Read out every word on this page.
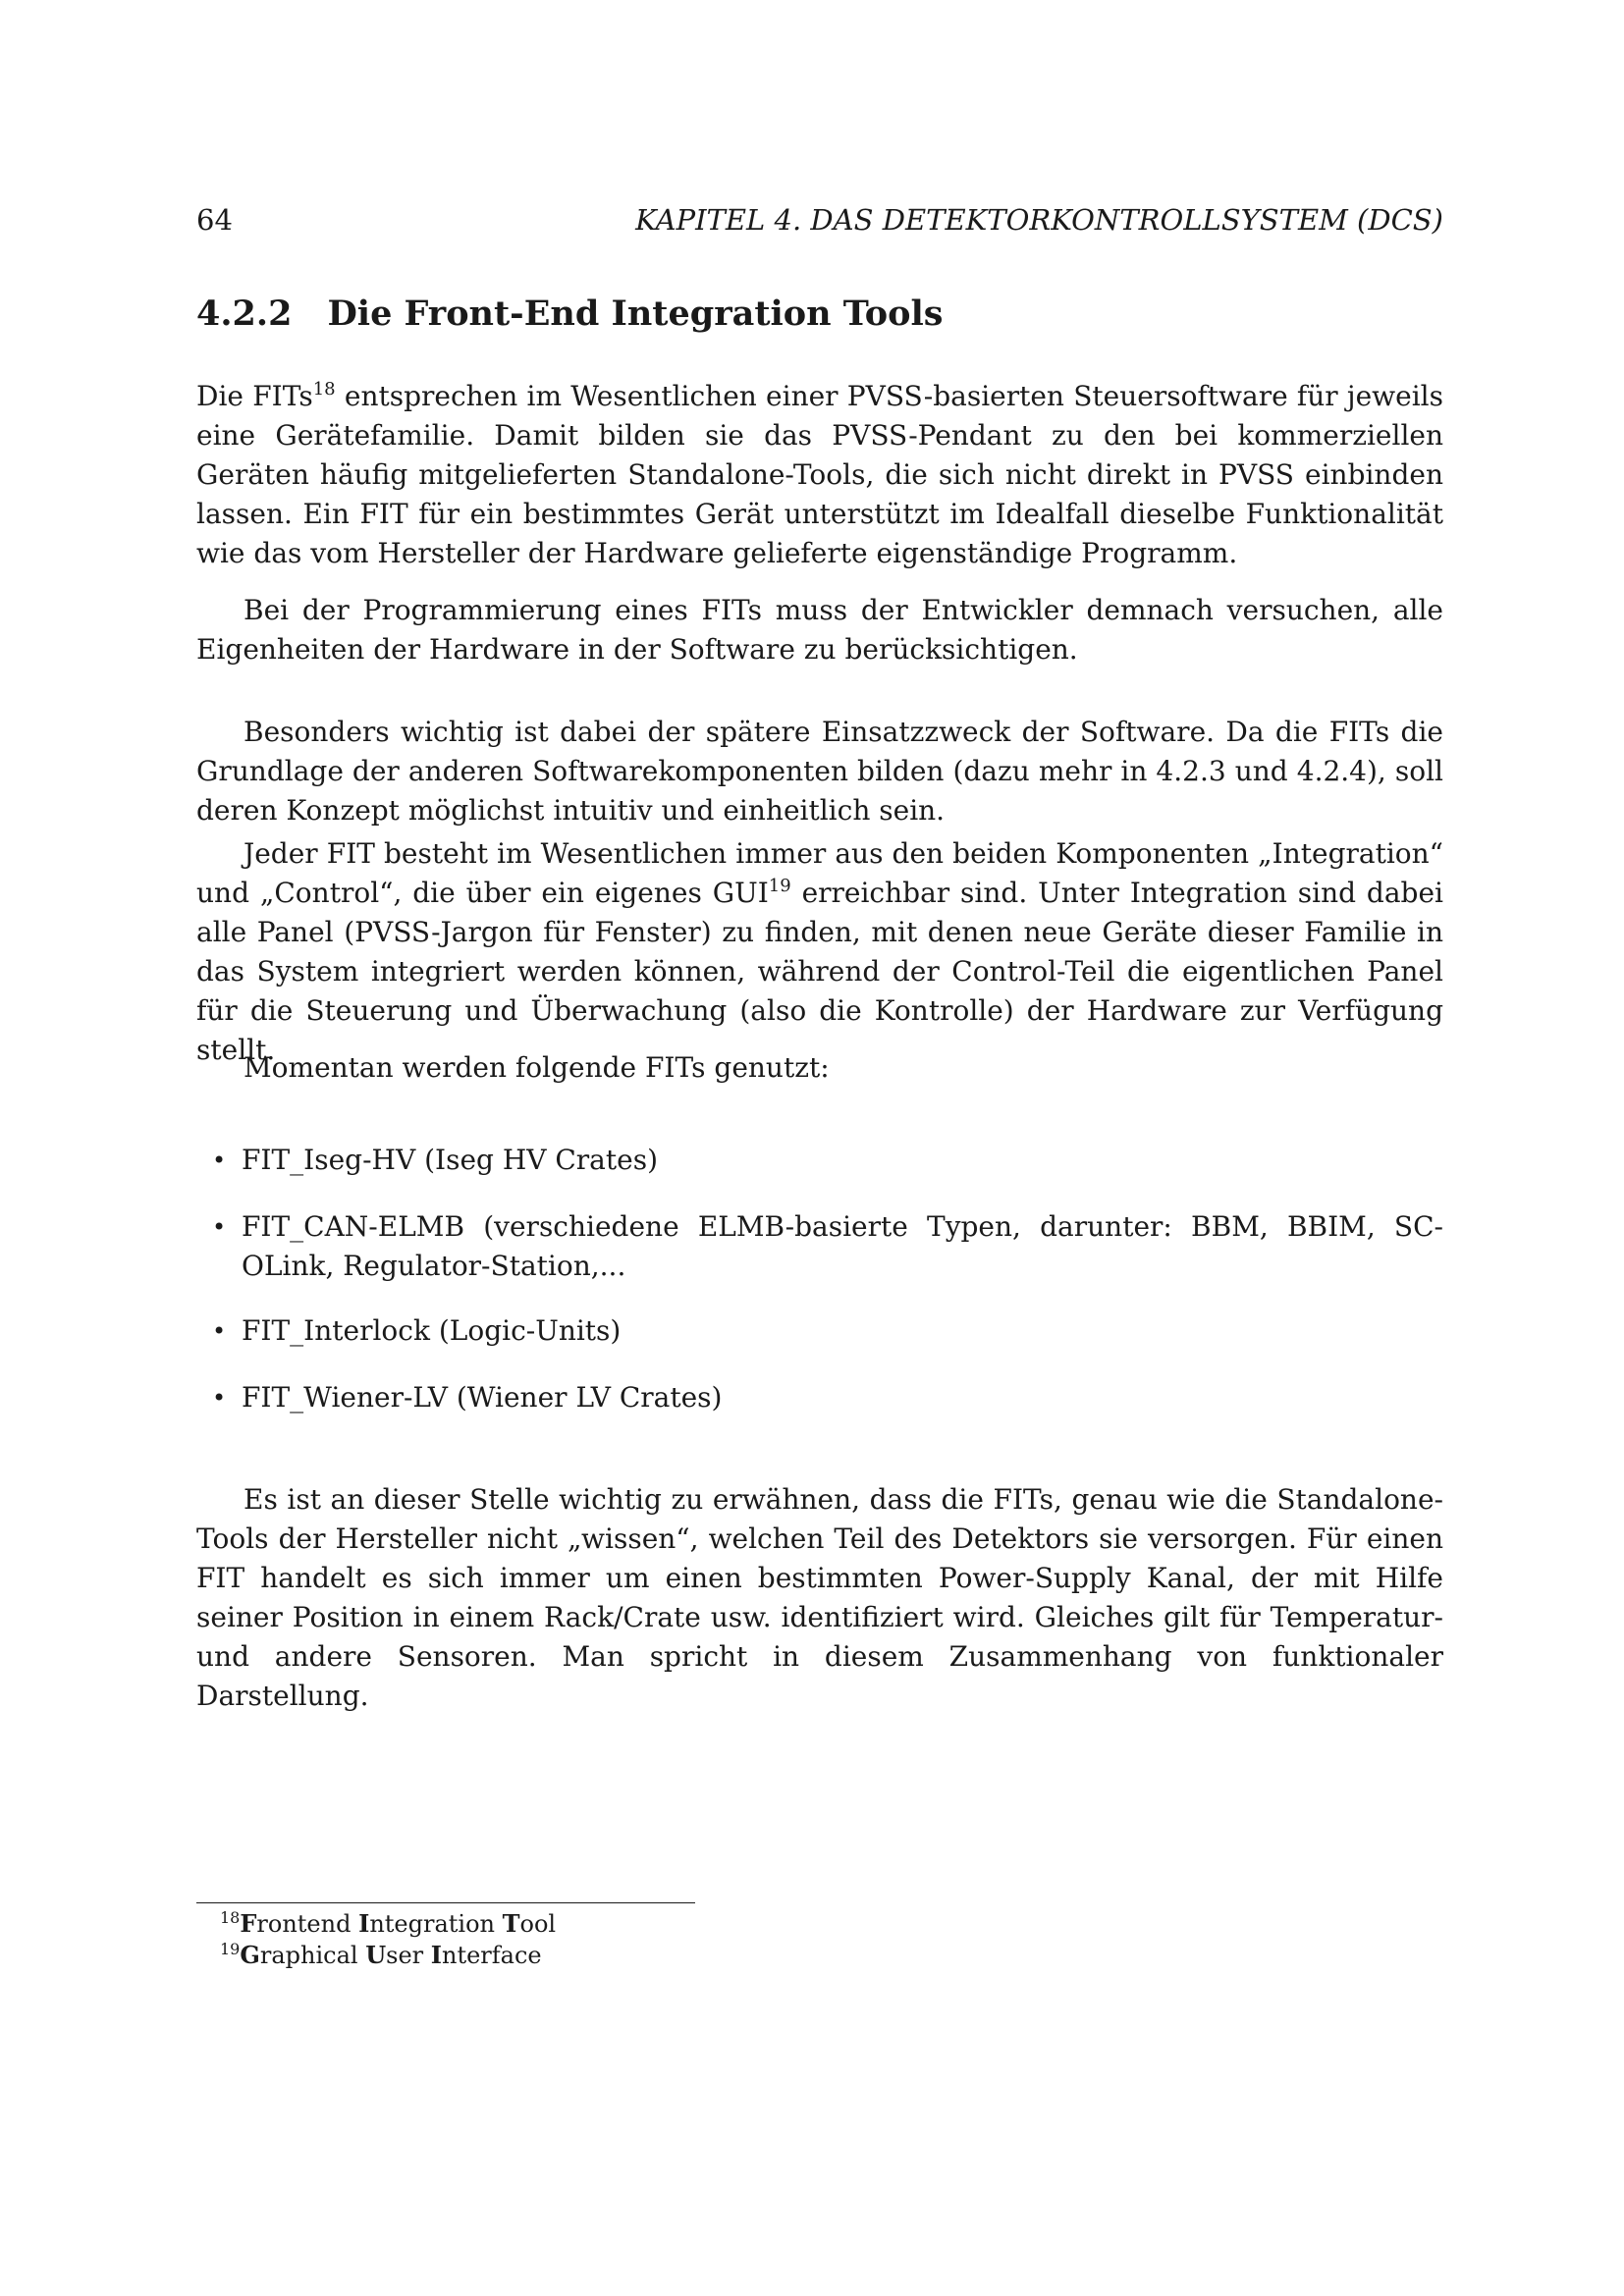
64	KAPITEL 4. DAS DETEKTORKONTROLLSYSTEM (DCS)
4.2.2 Die Front-End Integration Tools

Die FITs$^{18}$ entsprechen im Wesentlichen einer PVSS-basierten Steuersoftware für jeweils eine Gerätefamilie. Damit bilden sie das PVSS-Pendant zu den bei kommerziellen Geräten häufig mitgelieferten Standalone-Tools, die sich nicht direkt in PVSS einbinden lassen. Ein FIT für ein bestimmtes Gerät unterstützt im Idealfall dieselbe Funktionalität wie das vom Hersteller der Hardware gelieferte eigenständige Programm.

Bei der Programmierung eines FITs muss der Entwickler demnach versuchen, alle Eigenheiten der Hardware in der Software zu berücksichtigen.

Besonders wichtig ist dabei der spätere Einsatzzweck der Software. Da die FITs die Grundlage der anderen Softwarekomponenten bilden (dazu mehr in 4.2.3 und 4.2.4), soll deren Konzept möglichst intuitiv und einheitlich sein.

Jeder FIT besteht im Wesentlichen immer aus den beiden Komponenten „Integration“ und „Control“, die über ein eigenes GUI$^{19}$ erreichbar sind. Unter Integration sind dabei alle Panel (PVSS-Jargon für Fenster) zu finden, mit denen neue Geräte dieser Familie in das System integriert werden können, während der Control-Teil die eigentlichen Panel für die Steuerung und Überwachung (also die Kontrolle) der Hardware zur Verfügung stellt.

Momentan werden folgende FITs genutzt:

• FIT_Iseg-HV (Iseg HV Crates)
• FIT_CAN-ELMB (verschiedene ELMB-basierte Typen, darunter: BBM, BBIM, SC-OLink, Regulator-Station,...
• FIT_Interlock (Logic-Units)
• FIT_Wiener-LV (Wiener LV Crates)

Es ist an dieser Stelle wichtig zu erwähnen, dass die FITs, genau wie die Standalone-Tools der Hersteller nicht „wissen“, welchen Teil des Detektors sie versorgen. Für einen FIT handelt es sich immer um einen bestimmten Power-Supply Kanal, der mit Hilfe seiner Position in einem Rack/Crate usw. identifiziert wird. Gleiches gilt für Temperatur- und andere Sensoren. Man spricht in diesem Zusammenhang von funktionaler Darstellung.

$^{18}$Frontend Integration Tool
$^{19}$Graphical User Interface
